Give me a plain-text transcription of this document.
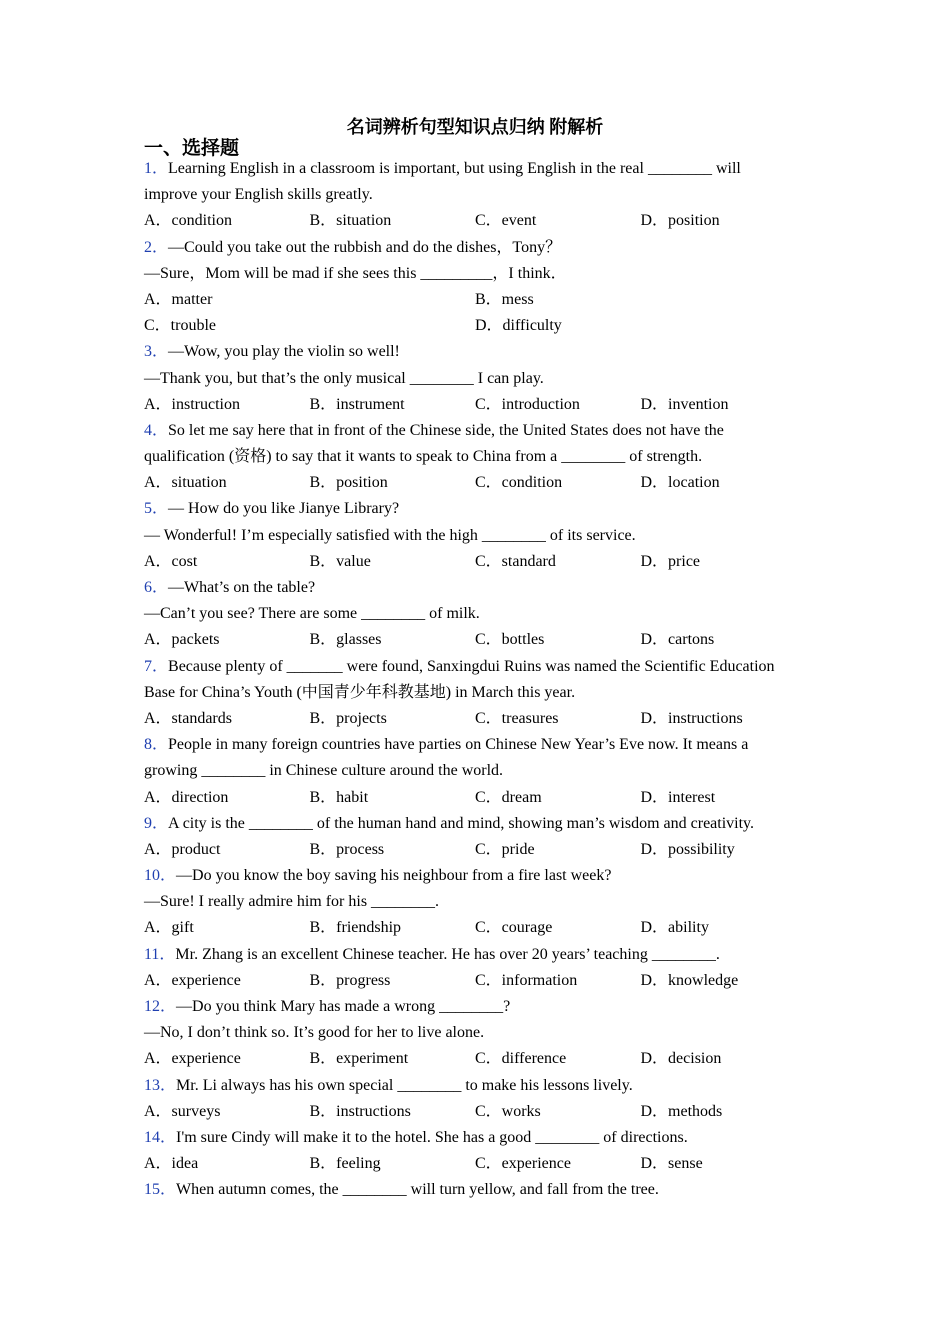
名词辨析句型知识点归纳 附解析
一、选择题
1．Learning English in a classroom is important, but using English in the real ________ will
improve your English skills greatly.
A．condition	B．situation	C．event	D．position
2．—Could you take out the rubbish and do the dishes，Tony？
—Sure，Mom will be mad if she sees this _________，I think．
A．matter	B．mess
C．trouble	D．difficulty
3．—Wow, you play the violin so well!
—Thank you, but that’s the only musical ________ I can play.
A．instruction	B．instrument	C．introduction	D．invention
4．So let me say here that in front of the Chinese side, the United States does not have the
qualification (资格) to say that it wants to speak to China from a ________ of strength.
A．situation	B．position	C．condition	D．location
5．— How do you like Jianye Library?
— Wonderful! I’m especially satisfied with the high ________ of its service.
A．cost	B．value	C．standard	D．price
6．—What’s on the table?
—Can’t you see? There are some ________ of milk.
A．packets	B．glasses	C．bottles	D．cartons
7．Because plenty of _______ were found, Sanxingdui Ruins was named the Scientific Education
Base for China’s Youth (中国青少年科教基地) in March this year.
A．standards	B．projects	C．treasures	D．instructions
8．People in many foreign countries have parties on Chinese New Year’s Eve now. It means a
growing ________ in Chinese culture around the world.
A．direction	B．habit	C．dream	D．interest
9．A city is the ________ of the human hand and mind, showing man’s wisdom and creativity.
A．product	B．process	C．pride	D．possibility
10．—Do you know the boy saving his neighbour from a fire last week?
—Sure! I really admire him for his ________.
A．gift	B．friendship	C．courage	D．ability
11．Mr. Zhang is an excellent Chinese teacher. He has over 20 years’ teaching ________.
A．experience	B．progress	C．information	D．knowledge
12．—Do you think Mary has made a wrong ________?
—No, I don’t think so. It’s good for her to live alone.
A．experience	B．experiment	C．difference	D．decision
13．Mr. Li always has his own special ________ to make his lessons lively.
A．surveys	B．instructions	C．works	D．methods
14．I'm sure Cindy will make it to the hotel. She has a good ________ of directions.
A．idea	B．feeling	C．experience	D．sense
15．When autumn comes, the ________ will turn yellow, and fall from the tree.
